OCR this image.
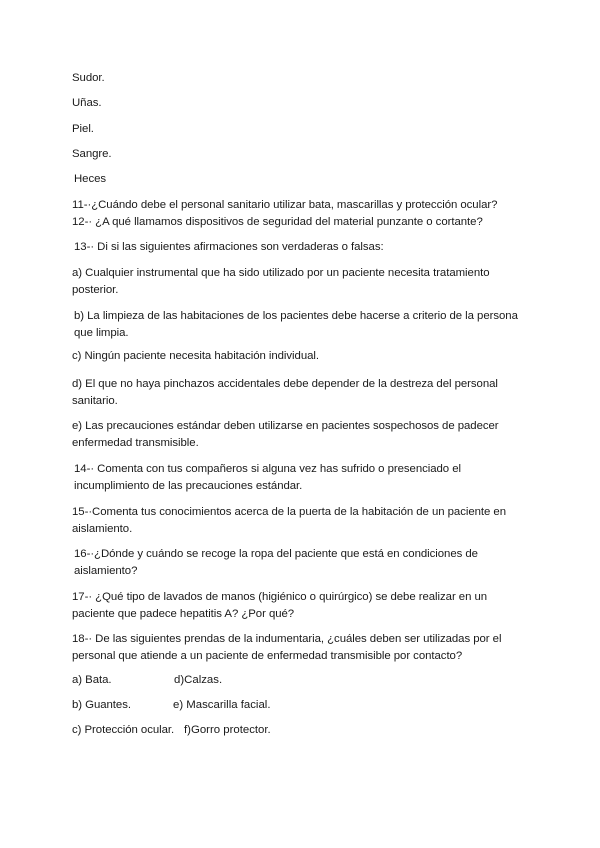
Sudor.
Uñas.
Piel.
Sangre.
Heces
11-·¿Cuándo debe el personal sanitario utilizar bata, mascarillas y protección ocular?
12-· ¿A qué llamamos dispositivos de seguridad del material punzante o cortante?
13-· Di si las siguientes afirmaciones son verdaderas o falsas:
a) Cualquier instrumental que ha sido utilizado por un paciente necesita tratamiento posterior.
b) La limpieza de las habitaciones de los pacientes debe hacerse a criterio de la persona que limpia.
c) Ningún paciente necesita habitación individual.
d) El que no haya pinchazos accidentales debe depender de la destreza del personal sanitario.
e) Las precauciones estándar deben utilizarse en pacientes sospechosos de padecer enfermedad transmisible.
14-· Comenta con tus compañeros si alguna vez has sufrido o presenciado el incumplimiento de las precauciones estándar.
15-·Comenta tus conocimientos acerca de la puerta de la habitación de un paciente en aislamiento.
16-·¿Dónde y cuándo se recoge la ropa del paciente que está en condiciones de aislamiento?
17-· ¿Qué tipo de lavados de manos (higiénico o quirúrgico) se debe realizar en un paciente que padece hepatitis A? ¿Por qué?
18-· De las siguientes prendas de la indumentaria, ¿cuáles deben ser utilizadas por el personal que atiende a un paciente de enfermedad transmisible por contacto?
a) Bata.	d)Calzas.
b) Guantes.	e) Mascarilla facial.
c) Protección ocular. f)Gorro protector.
